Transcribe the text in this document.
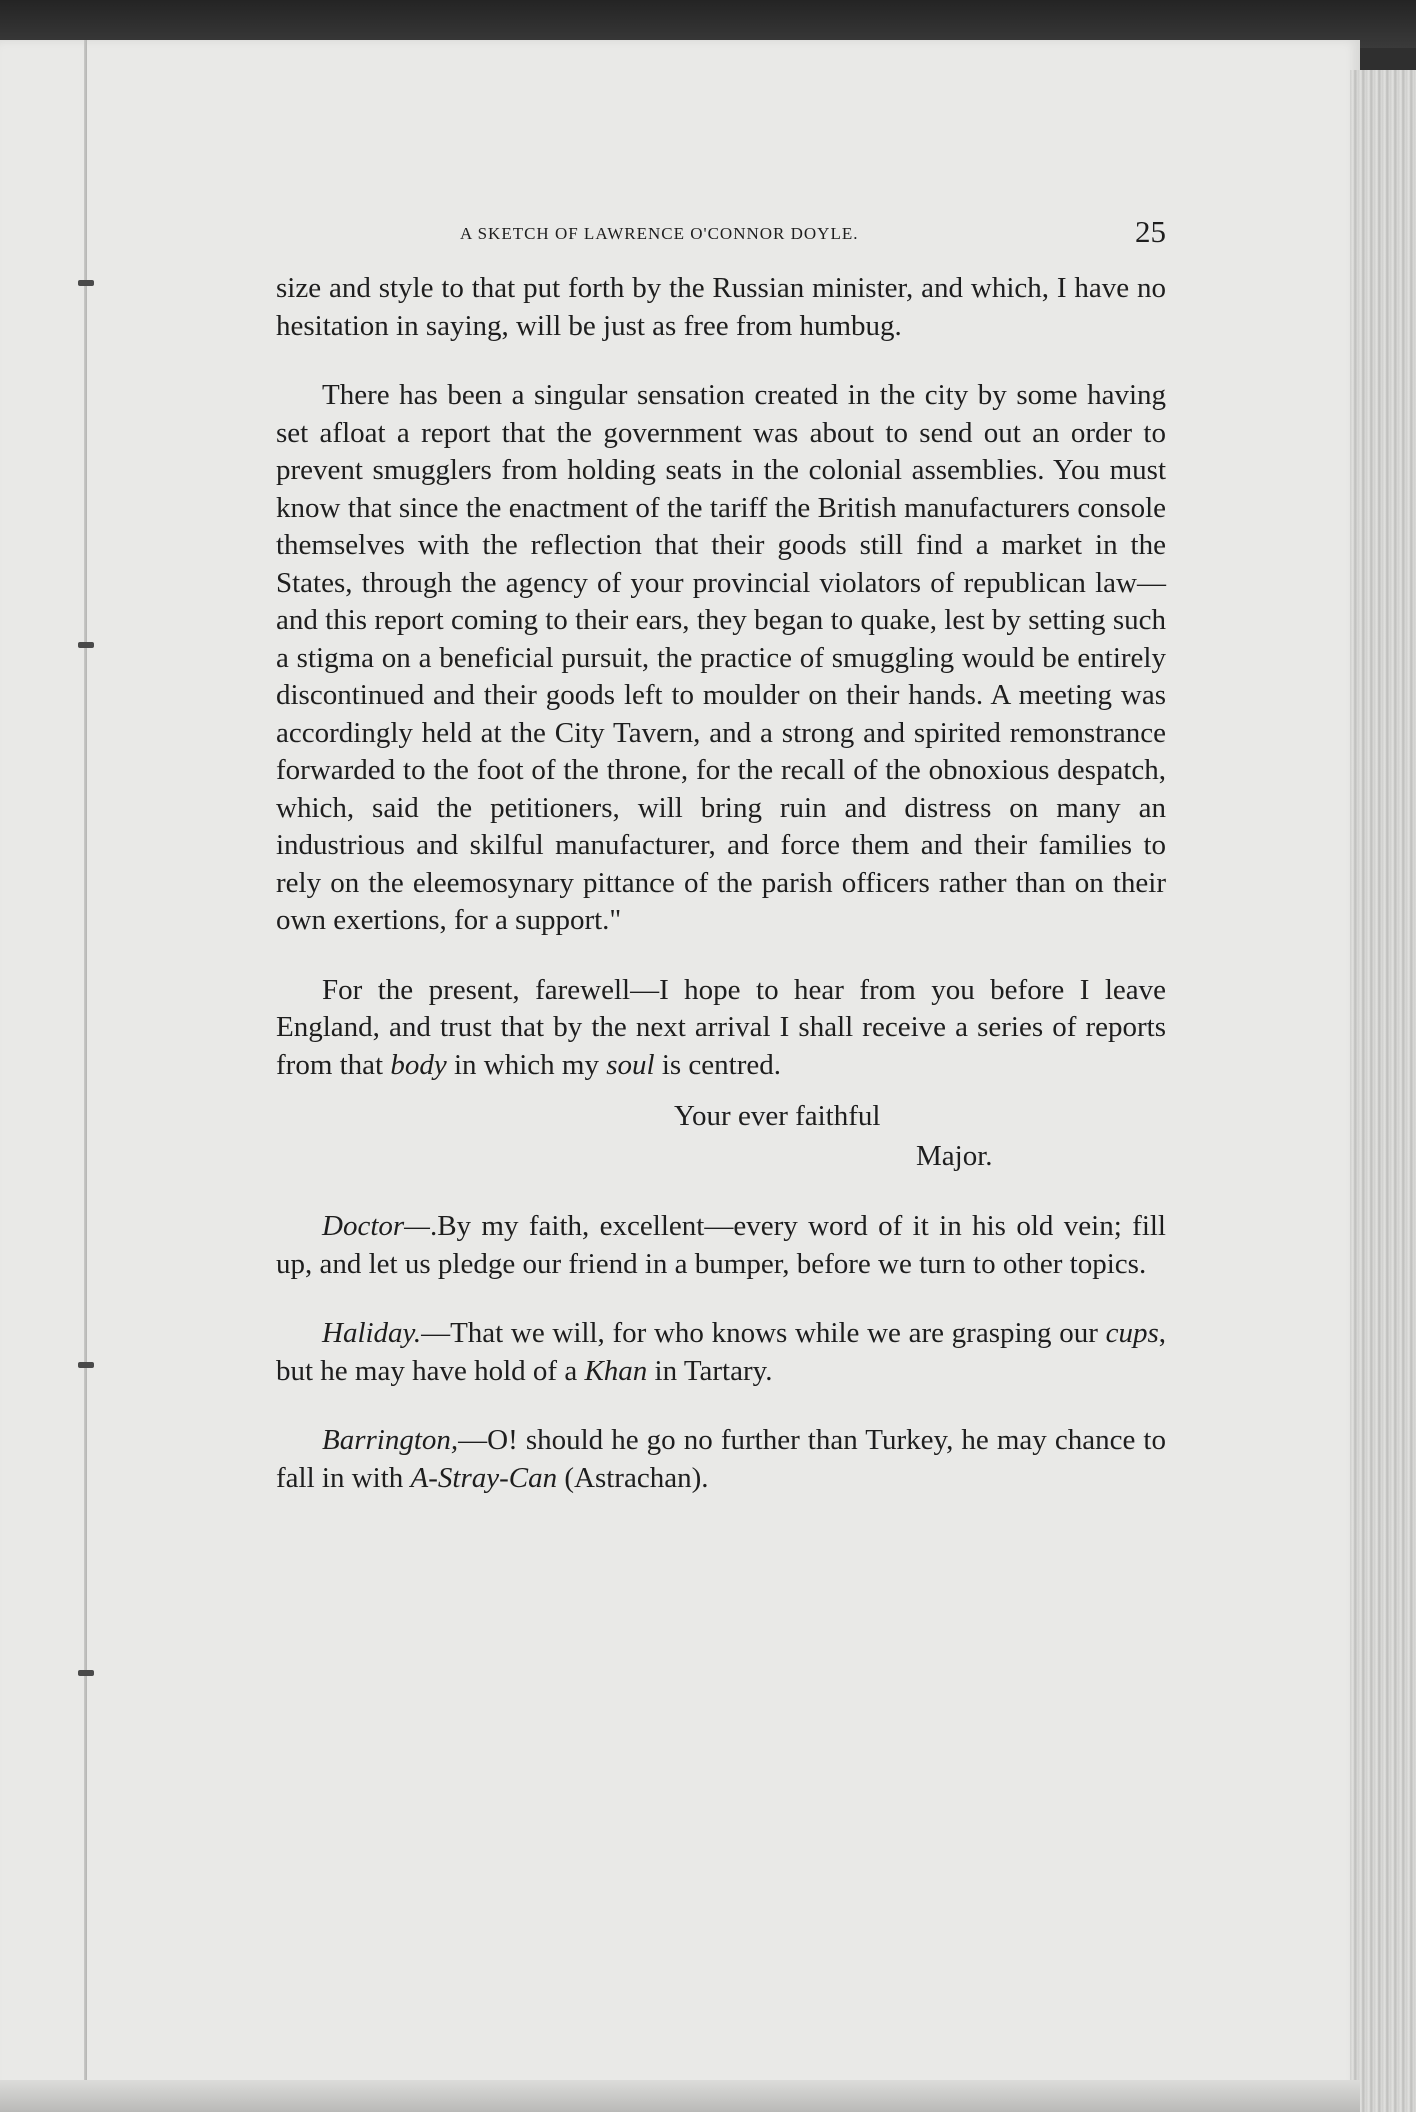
A SKETCH OF LAWRENCE O'CONNOR DOYLE.	25

size and style to that put forth by the Russian minister, and which, I have no hesitation in saying, will be just as free from humbug.

There has been a singular sensation created in the city by some having set afloat a report that the government was about to send out an order to prevent smugglers from holding seats in the colonial assemblies. You must know that since the enactment of the tariff the British manufacturers console themselves with the reflection that their goods still find a market in the States, through the agency of your provincial violators of republican law—and this report coming to their ears, they began to quake, lest by setting such a stigma on a beneficial pursuit, the practice of smuggling would be entirely discontinued and their goods left to moulder on their hands. A meeting was accordingly held at the City Tavern, and a strong and spirited remonstrance forwarded to the foot of the throne, for the recall of the obnoxious despatch, which, said the petitioners, will bring ruin and distress on many an industrious and skilful manufacturer, and force them and their families to rely on the eleemosynary pittance of the parish officers rather than on their own exertions, for a support."

For the present, farewell—I hope to hear from you before I leave England, and trust that by the next arrival I shall receive a series of reports from that body in which my soul is centred.

Your ever faithful

Major.

Doctor—.By my faith, excellent—every word of it in his old vein; fill up, and let us pledge our friend in a bumper, before we turn to other topics.

Haliday.—That we will, for who knows while we are grasping our cups, but he may have hold of a Khan in Tartary.

Barrington,—O! should he go no further than Turkey, he may chance to fall in with A-Stray-Can (Astrachan).
